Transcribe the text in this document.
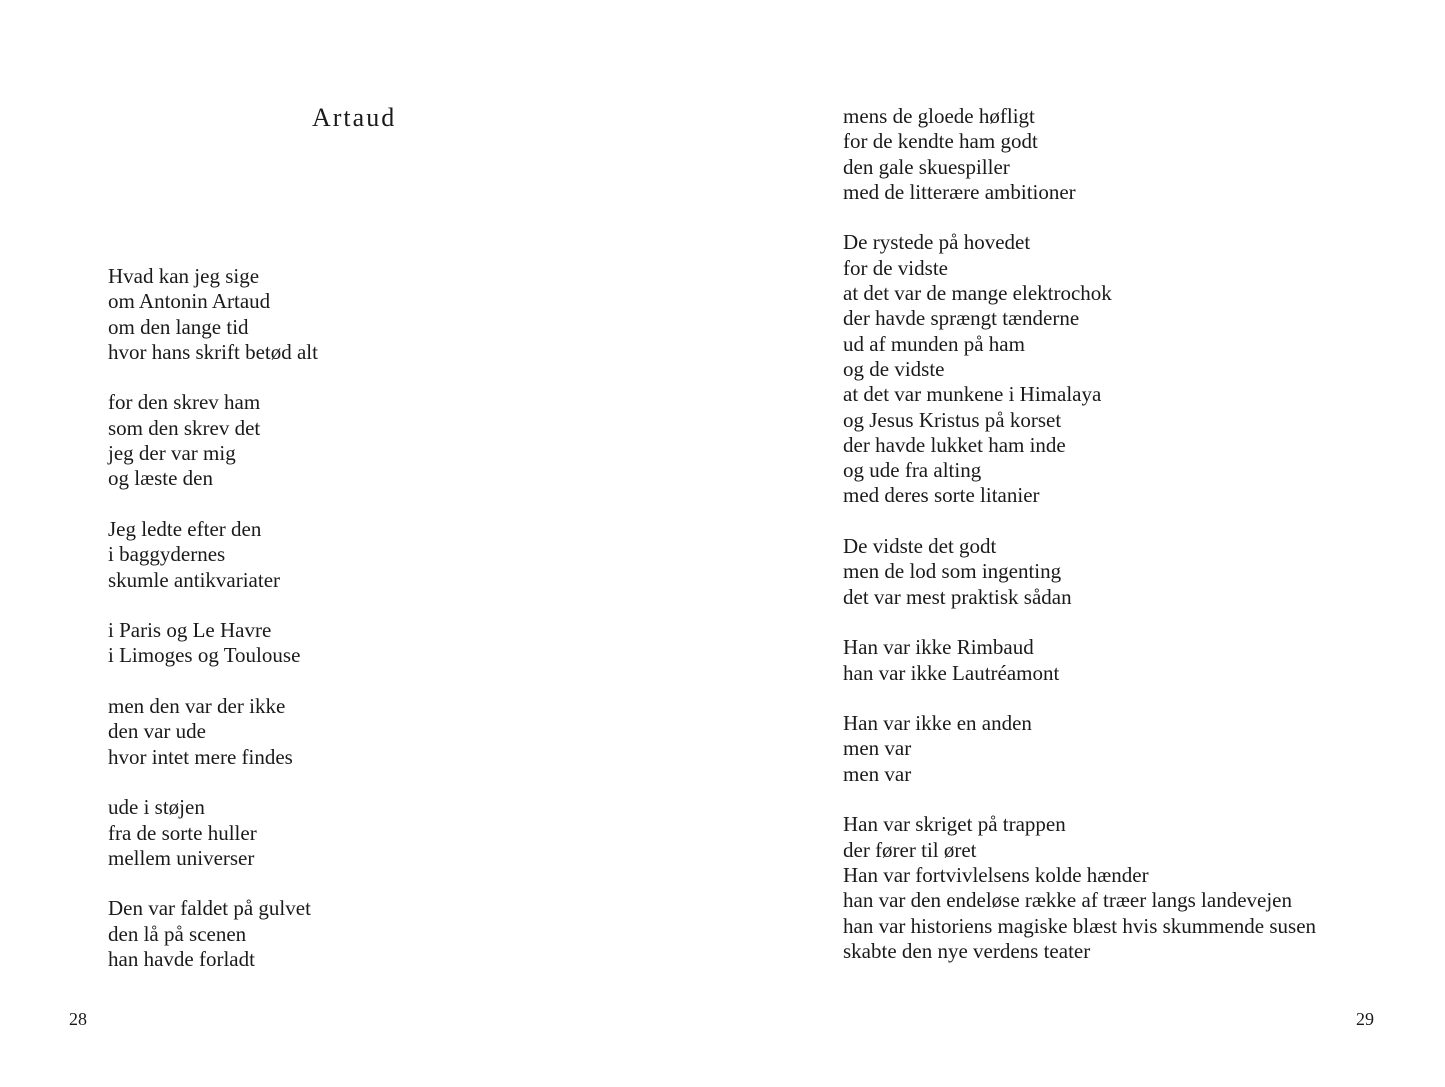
Artaud

Hvad kan jeg sige
om Antonin Artaud
om den lange tid
hvor hans skrift betød alt

for den skrev ham
som den skrev det
jeg der var mig
og læste den

Jeg ledte efter den
i baggydernes
skumle antikvariater

i Paris og Le Havre
i Limoges og Toulouse

men den var der ikke
den var ude
hvor intet mere findes

ude i støjen
fra de sorte huller
mellem universer

Den var faldet på gulvet
den lå på scenen
han havde forladt

28

mens de gloede høfligt
for de kendte ham godt
den gale skuespiller
med de litterære ambitioner

De rystede på hovedet
for de vidste
at det var de mange elektrochok
der havde sprængt tænderne
ud af munden på ham
og de vidste
at det var munkene i Himalaya
og Jesus Kristus på korset
der havde lukket ham inde
og ude fra alting
med deres sorte litanier

De vidste det godt
men de lod som ingenting
det var mest praktisk sådan

Han var ikke Rimbaud
han var ikke Lautréamont

Han var ikke en anden
men var
men var

Han var skriget på trappen
der fører til øret
Han var fortvivlelsens kolde hænder
han var den endeløse række af træer langs landevejen
han var historiens magiske blæst hvis skummende susen
skabte den nye verdens teater

29
